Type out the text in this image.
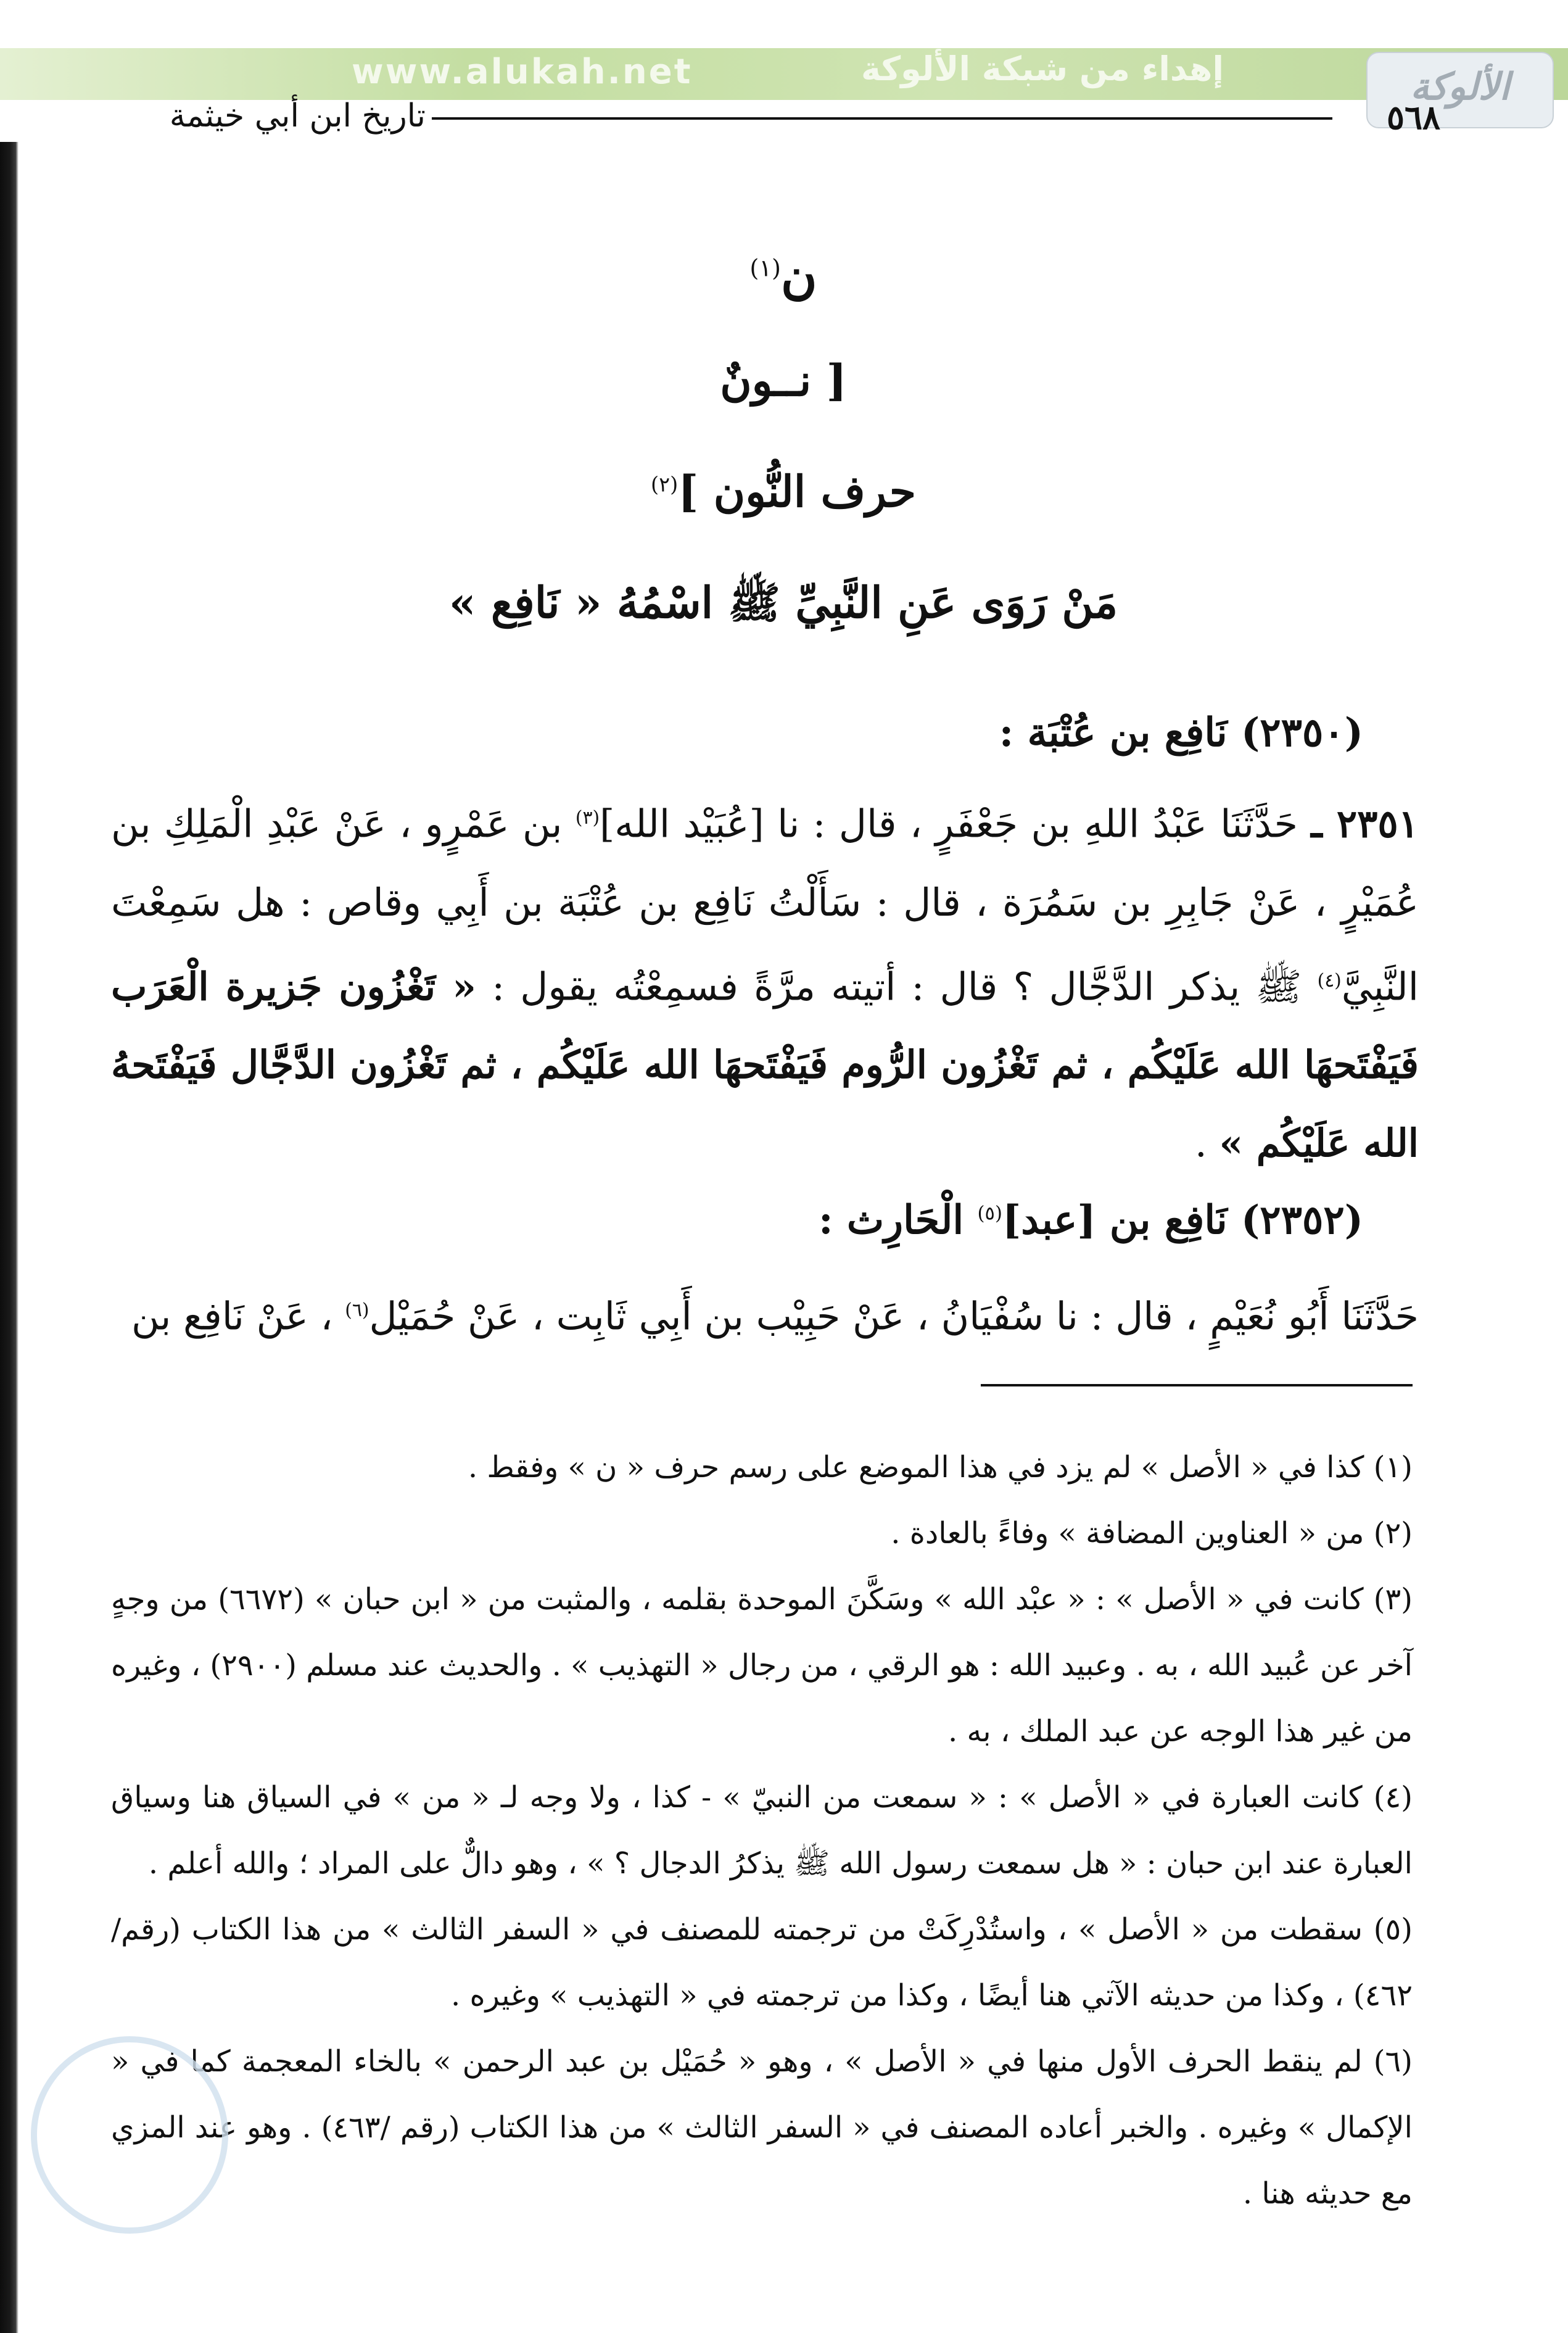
www.alukah.net	إهداء من شبكة الألوكة	الألوكة
٥٦٨
تاريخ ابن أبي خيثمة
ن$^{(١)}$
[ نــونٌ
حرف النُّون ]$^{(٢)}$
مَنْ رَوَى عَنِ النَّبِيِّ ﷺ اسْمُهُ « نَافِع »
(٢٣٥٠) نَافِع بن عُتْبَة :

٢٣٥١ ـ حَدَّثَنَا عَبْدُ اللهِ بن جَعْفَرٍ ، قال : نا [عُبَيْد الله]$^{(٣)}$ بن عَمْرٍو ، عَنْ عَبْدِ الْمَلِكِ بن عُمَيْرٍ ، عَنْ جَابِرِ بن سَمُرَة ، قال : سَأَلْتُ نَافِع بن عُتْبَة بن أَبِي وقاص : هل سَمِعْتَ النَّبِيَّ$^{(٤)}$ ﷺ يذكر الدَّجَّال ؟ قال : أتيته مرَّةً فسمِعْتُه يقول : « تَغْزُون جَزيرة الْعَرَب فَيَفْتَحهَا الله عَلَيْكُم ، ثم تَغْزُون الرُّوم فَيَفْتَحهَا الله عَلَيْكُم ، ثم تَغْزُون الدَّجَّال فَيَفْتَحهُ الله عَلَيْكُم » .

(٢٣٥٢) نَافِع بن [عبد]$^{(٥)}$ الْحَارِث :

حَدَّثَنَا أَبُو نُعَيْمٍ ، قال : نا سُفْيَانُ ، عَنْ حَبِيْب بن أَبِي ثَابِت ، عَنْ حُمَيْل$^{(٦)}$ ، عَنْ نَافِع بن

(١) كذا في « الأصل » لم يزد في هذا الموضع على رسم حرف « ن » وفقط .
(٢) من « العناوين المضافة » وفاءً بالعادة .
(٣) كانت في « الأصل » : « عبْد الله » وسَكَّنَ الموحدة بقلمه ، والمثبت من « ابن حبان » (٦٦٧٢) من وجهٍ آخر عن عُبيد الله ، به . وعبيد الله : هو الرقي ، من رجال « التهذيب » . والحديث عند مسلم (٢٩٠٠) ، وغيره من غير هذا الوجه عن عبد الملك ، به .
(٤) كانت العبارة في « الأصل » : « سمعت من النبيّ » - كذا ، ولا وجه لـ « من » في السياق هنا وسياق العبارة عند ابن حبان : « هل سمعت رسول الله ﷺ يذكرُ الدجال ؟ » ، وهو دالٌّ على المراد ؛ والله أعلم .
(٥) سقطت من « الأصل » ، واستُدْرِكَتْ من ترجمته للمصنف في « السفر الثالث » من هذا الكتاب (رقم/ ٤٦٢) ، وكذا من حديثه الآتي هنا أيضًا ، وكذا من ترجمته في « التهذيب » وغيره .
(٦) لم ينقط الحرف الأول منها في « الأصل » ، وهو « حُمَيْل بن عبد الرحمن » بالخاء المعجمة كما في « الإكمال » وغيره . والخبر أعاده المصنف في « السفر الثالث » من هذا الكتاب (رقم /٤٦٣) . وهو عند المزي مع حديثه هنا .
